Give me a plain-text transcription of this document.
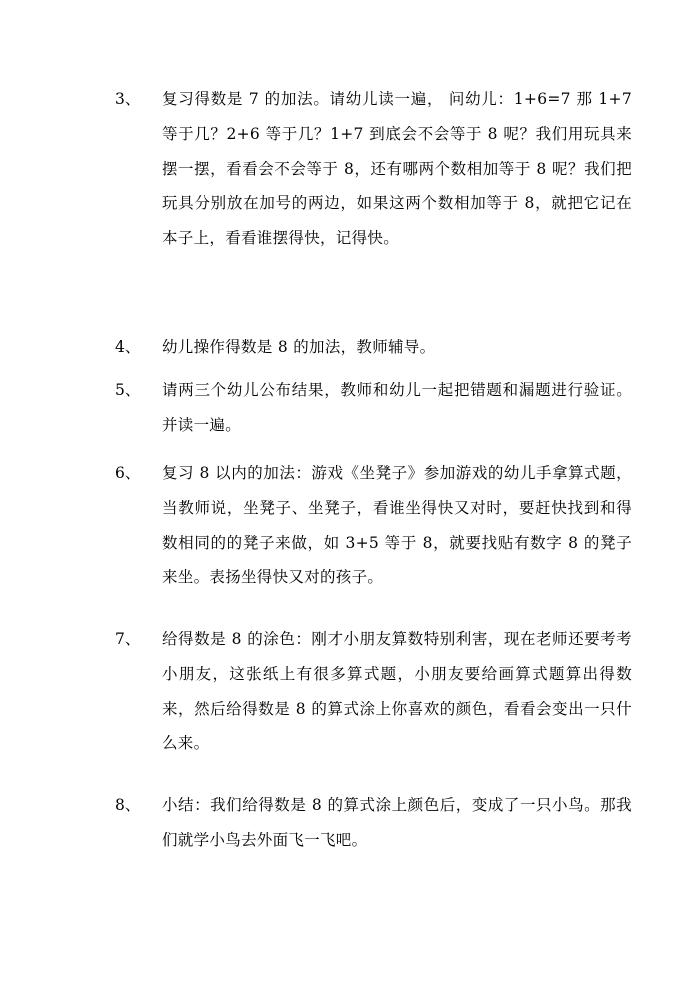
3、 复习得数是 7 的加法。请幼儿读一遍， 问幼儿：1+6=7 那 1+7 等于几？2+6 等于几？1+7 到底会不会等于 8 呢？我们用玩具来摆一摆，看看会不会等于 8，还有哪两个数相加等于 8 呢？我们把玩具分别放在加号的两边，如果这两个数相加等于 8，就把它记在本子上，看看谁摆得快，记得快。
4、 幼儿操作得数是 8 的加法，教师辅导。
5、 请两三个幼儿公布结果，教师和幼儿一起把错题和漏题进行验证。并读一遍。
6、 复习 8 以内的加法：游戏《坐凳子》参加游戏的幼儿手拿算式题，当教师说，坐凳子、坐凳子，看谁坐得快又对时，要赶快找到和得数相同的的凳子来做，如 3+5 等于 8，就要找贴有数字 8 的凳子来坐。表扬坐得快又对的孩子。
7、 给得数是 8 的涂色：刚才小朋友算数特别利害，现在老师还要考考小朋友，这张纸上有很多算式题，小朋友要给画算式题算出得数来，然后给得数是 8 的算式涂上你喜欢的颜色，看看会变出一只什么来。
8、 小结：我们给得数是 8 的算式涂上颜色后，变成了一只小鸟。那我们就学小鸟去外面飞一飞吧。
